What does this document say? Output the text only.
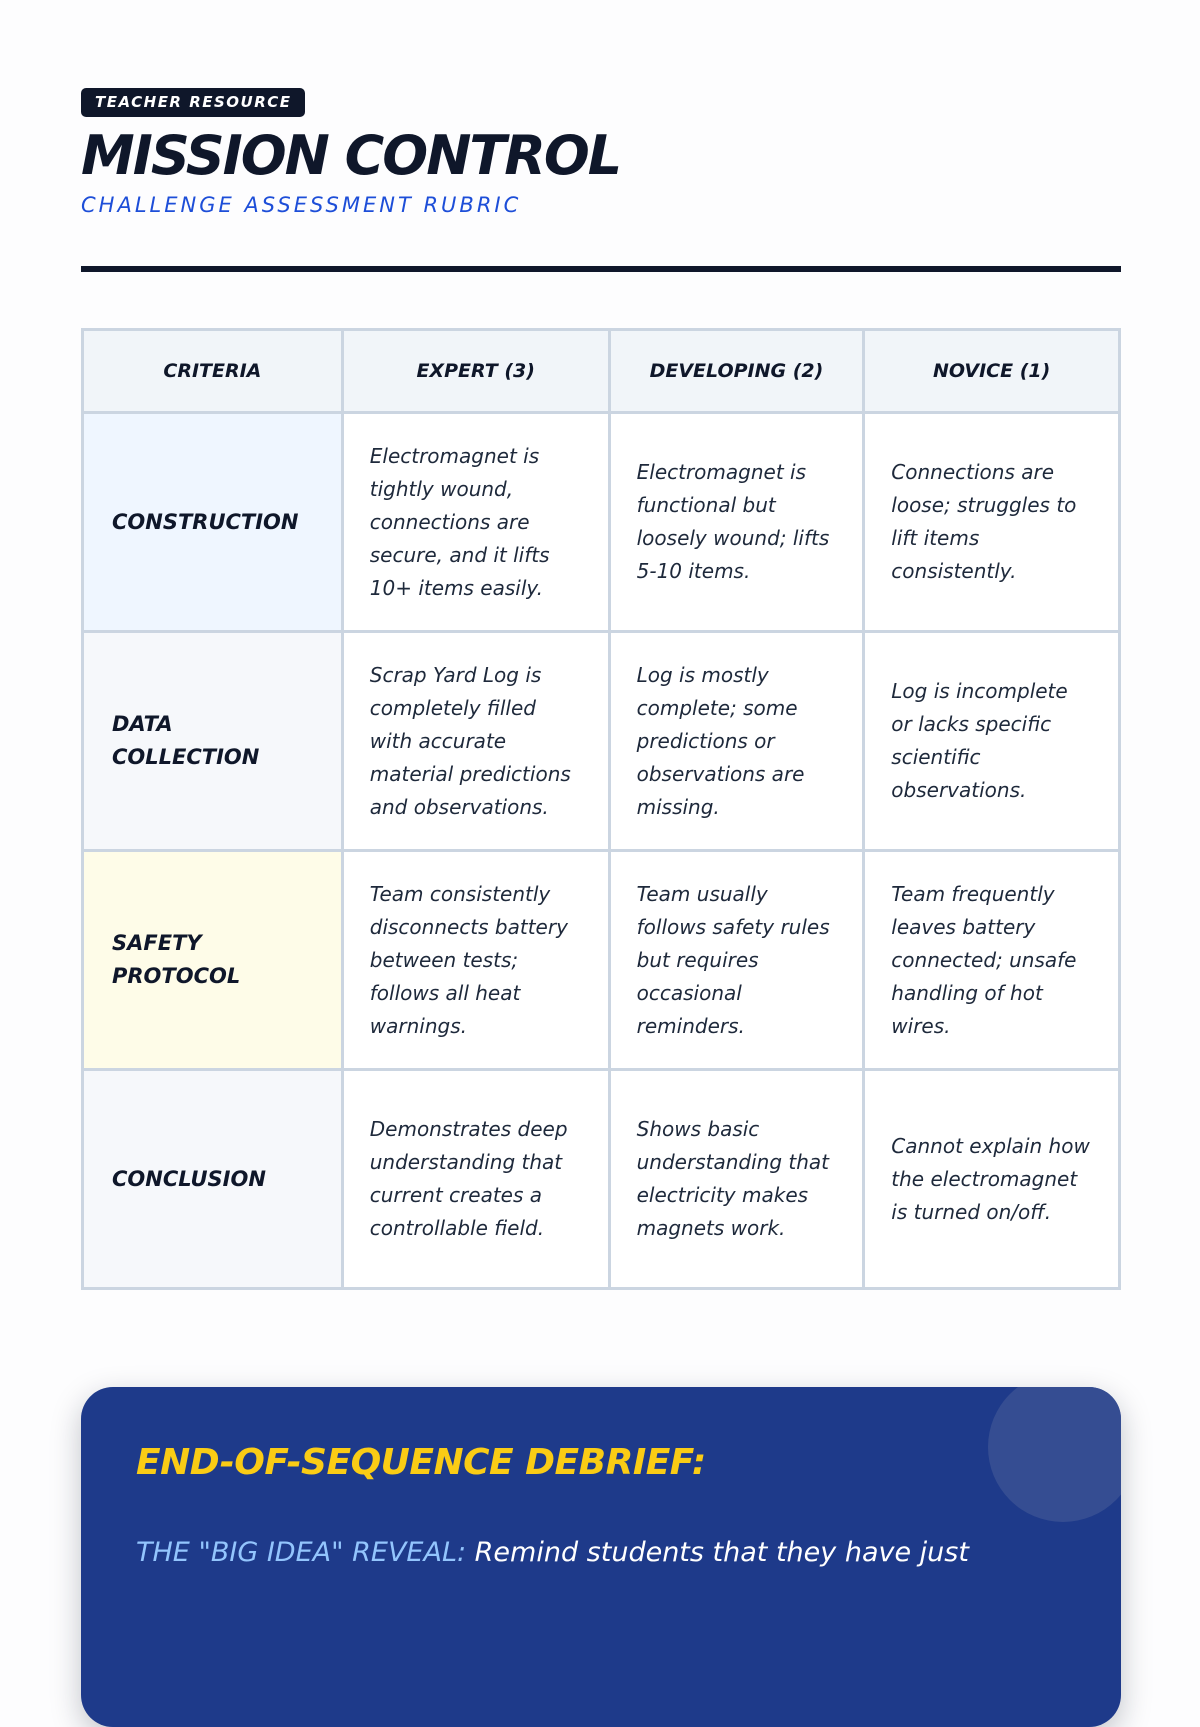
TEACHER RESOURCE
MISSION CONTROL
CHALLENGE ASSESSMENT RUBRIC
CRITERIA	EXPERT (3)	DEVELOPING (2)	NOVICE (1)
CONSTRUCTION	Electromagnet is tightly wound, connections are secure, and it lifts 10+ items easily.	Electromagnet is functional but loosely wound; lifts 5-10 items.	Connections are loose; struggles to lift items consistently.
DATA COLLECTION	Scrap Yard Log is completely filled with accurate material predictions and observations.	Log is mostly complete; some predictions or observations are missing.	Log is incomplete or lacks specific scientific observations.
SAFETY PROTOCOL	Team consistently disconnects battery between tests; follows all heat warnings.	Team usually follows safety rules but requires occasional reminders.	Team frequently leaves battery connected; unsafe handling of hot wires.
CONCLUSION	Demonstrates deep understanding that current creates a controllable field.	Shows basic understanding that electricity makes magnets work.	Cannot explain how the electromagnet is turned on/off.
END-OF-SEQUENCE DEBRIEF:
THE "BIG IDEA" REVEAL: Remind students that they have just
